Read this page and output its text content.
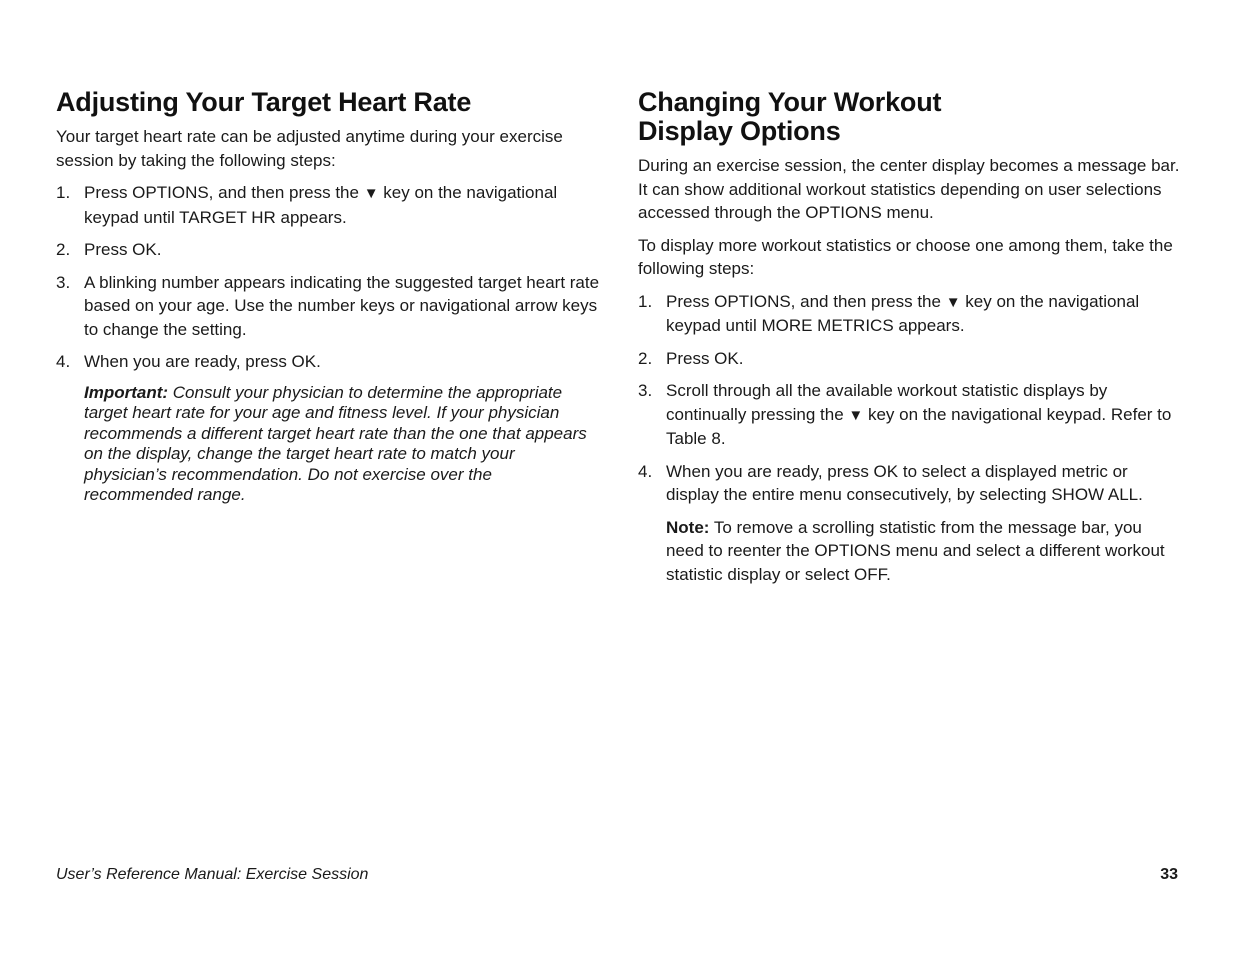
Adjusting Your Target Heart Rate

Your target heart rate can be adjusted anytime during your exercise session by taking the following steps:

1. Press OPTIONS, and then press the ▼ key on the navigational keypad until TARGET HR appears.
2. Press OK.
3. A blinking number appears indicating the suggested target heart rate based on your age. Use the number keys or navigational arrow keys to change the setting.
4. When you are ready, press OK.
Important: Consult your physician to determine the appropriate target heart rate for your age and fitness level. If your physician recommends a different target heart rate than the one that appears on the display, change the target heart rate to match your physician’s recommendation. Do not exercise over the recommended range.
Changing Your Workout
Display Options

During an exercise session, the center display becomes a message bar. It can show additional workout statistics depending on user selections accessed through the OPTIONS menu.

To display more workout statistics or choose one among them, take the following steps:

1. Press OPTIONS, and then press the ▼ key on the navigational keypad until MORE METRICS appears.
2. Press OK.
3. Scroll through all the available workout statistic displays by continually pressing the ▼ key on the navigational keypad. Refer to Table 8.
4. When you are ready, press OK to select a displayed metric or display the entire menu consecutively, by selecting SHOW ALL.
Note: To remove a scrolling statistic from the message bar, you need to reenter the OPTIONS menu and select a different workout statistic display or select OFF.
User’s Reference Manual: Exercise Session	33
